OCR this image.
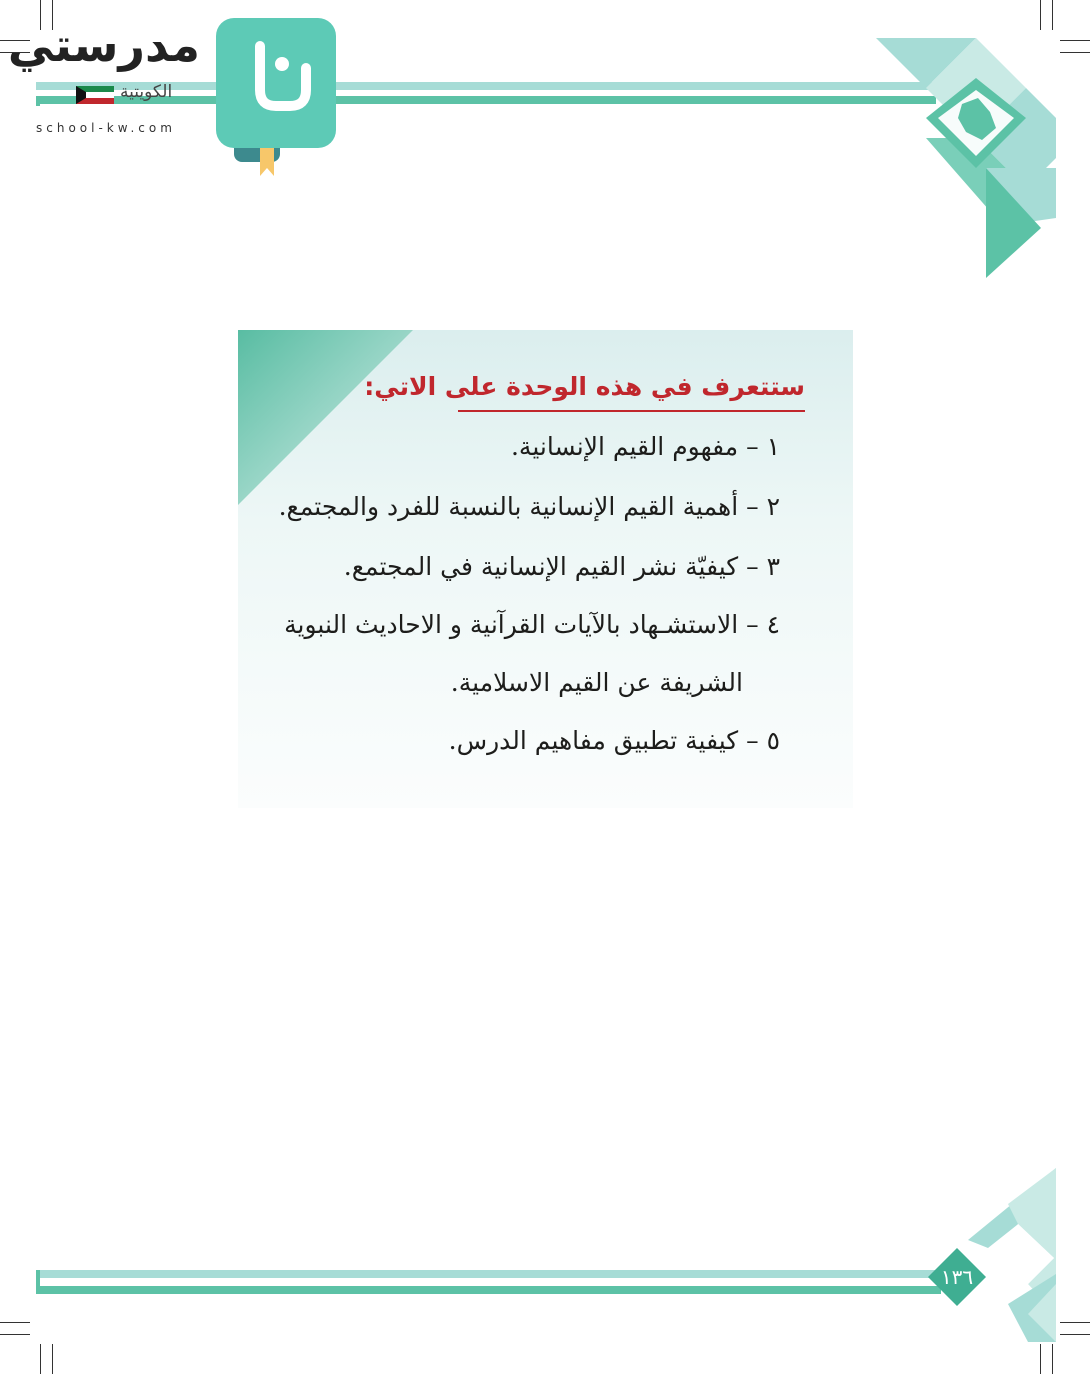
مدرستي
الكويتية
school-kw.com
ستتعرف في هذه الوحدة على الاتي:
١ – مفهوم القيم الإنسانية.
٢ – أهمية القيم الإنسانية بالنسبة للفرد والمجتمع.
٣ – كيفيّة نشر القيم الإنسانية في المجتمع.
٤ – الاستشـهاد بالآيات القرآنية و الاحاديث النبوية
الشريفة عن القيم الاسلامية.
٥ – كيفية تطبيق مفاهيم الدرس.
١٣٦
